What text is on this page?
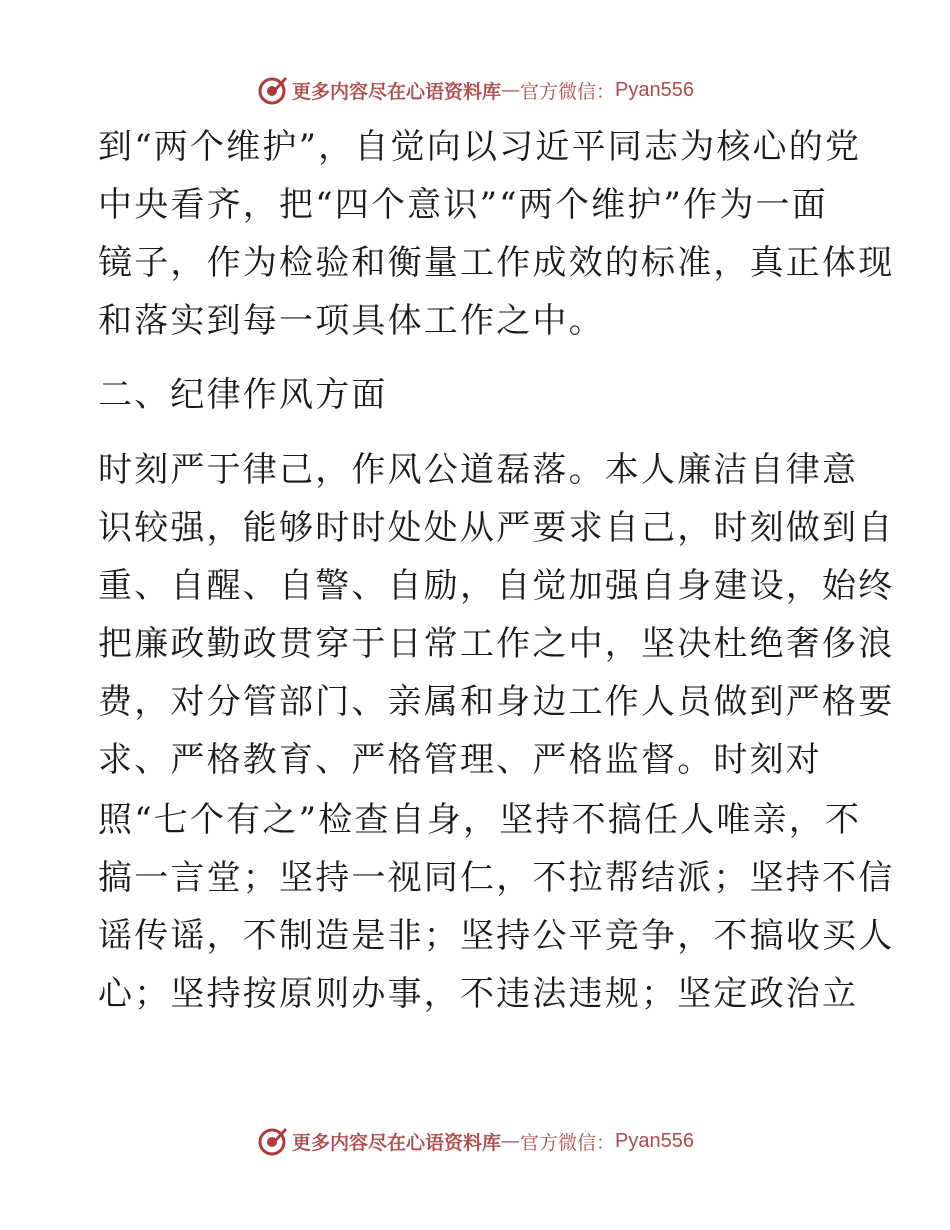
更多内容尽在心语资料库 — 官方微信： Pyan556
到“两个维护”，自觉向以习近平同志为核心的党
中央看齐，把“四个意识”“两个维护”作为一面
镜子，作为检验和衡量工作成效的标准，真正体现
和落实到每一项具体工作之中。
二、纪律作风方面
时刻严于律己，作风公道磊落。本人廉洁自律意
识较强，能够时时处处从严要求自己，时刻做到自
重、自醒、自警、自励，自觉加强自身建设，始终
把廉政勤政贯穿于日常工作之中，坚决杜绝奢侈浪
费，对分管部门、亲属和身边工作人员做到严格要
求、严格教育、严格管理、严格监督。时刻对
照“七个有之”检查自身，坚持不搞任人唯亲，不
搞一言堂；坚持一视同仁，不拉帮结派；坚持不信
谣传谣，不制造是非；坚持公平竞争，不搞收买人
心；坚持按原则办事，不违法违规；坚定政治立
更多内容尽在心语资料库 — 官方微信： Pyan556
